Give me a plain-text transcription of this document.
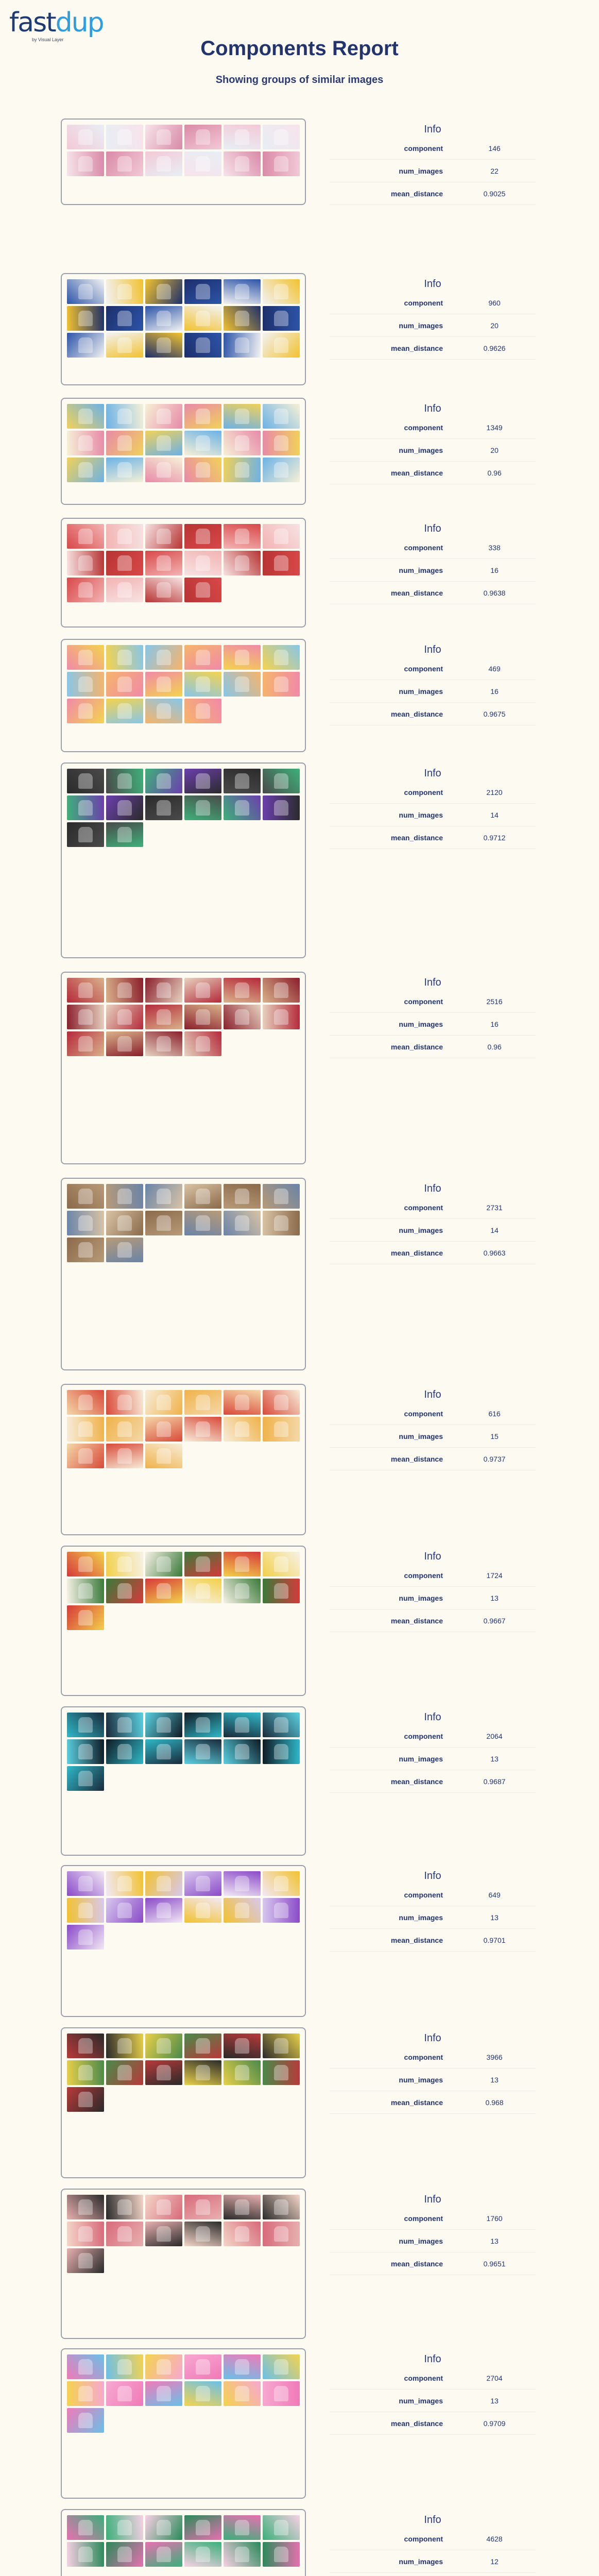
fastdup
by Visual Layer	Components Report
Showing groups of similar images
Info
component	146
num_images	22
mean_distance	0.9025
Info
component	960
num_images	20
mean_distance	0.9626
Info
component	1349
num_images	20
mean_distance	0.96
Info
component	338
num_images	16
mean_distance	0.9638
Info
component	469
num_images	16
mean_distance	0.9675
Info
component	2120
num_images	14
mean_distance	0.9712
Info
component	2516
num_images	16
mean_distance	0.96
Info
component	2731
num_images	14
mean_distance	0.9663
Info
component	616
num_images	15
mean_distance	0.9737
Info
component	1724
num_images	13
mean_distance	0.9667
Info
component	2064
num_images	13
mean_distance	0.9687
Info
component	649
num_images	13
mean_distance	0.9701
Info
component	3966
num_images	13
mean_distance	0.968
Info
component	1760
num_images	13
mean_distance	0.9651
Info
component	2704
num_images	13
mean_distance	0.9709
Info
component	4628
num_images	12
